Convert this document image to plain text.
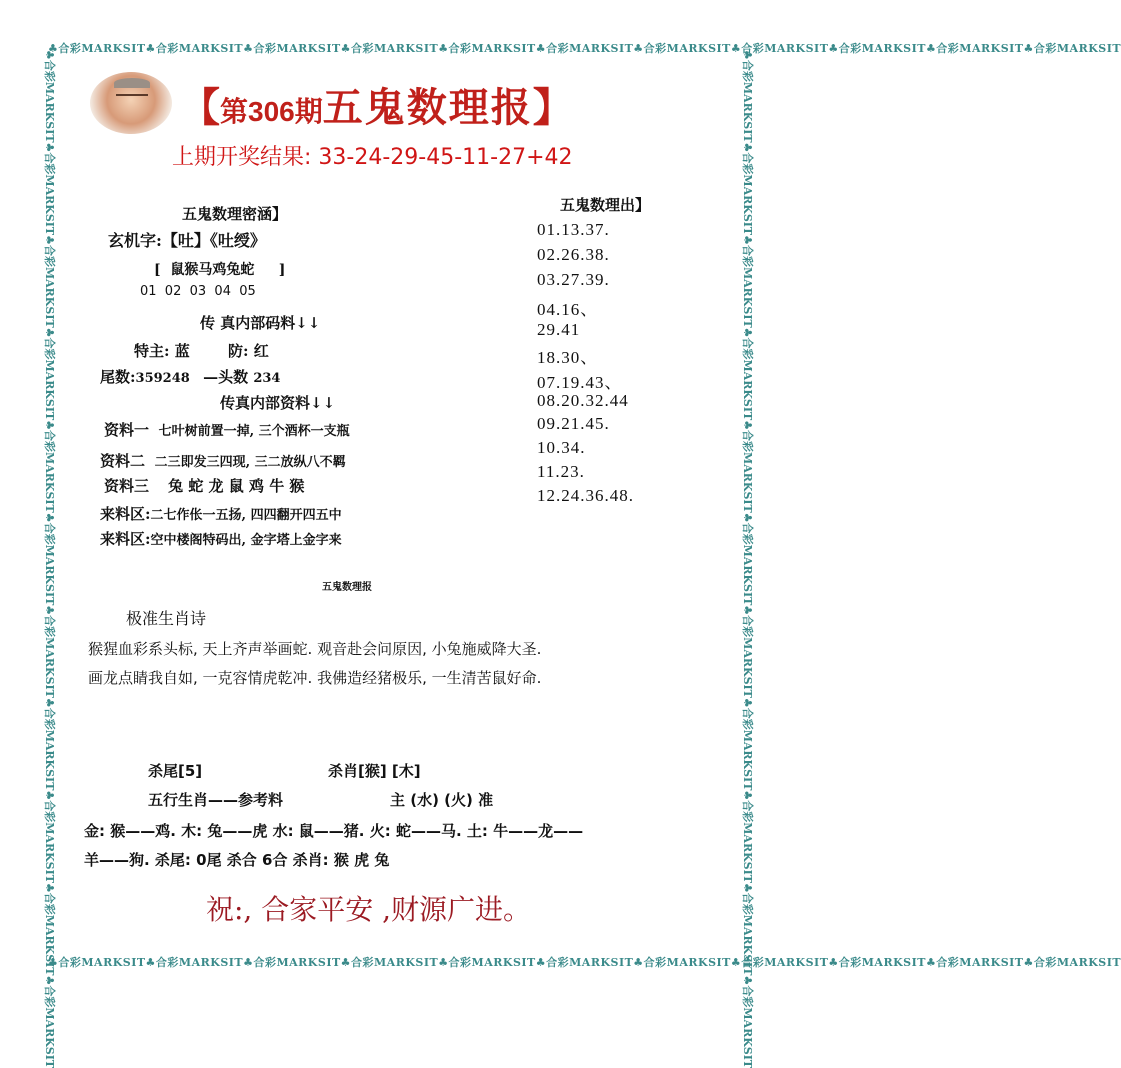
♣合彩MARKSIT♣合彩MARKSIT♣合彩MARKSIT♣合彩MARKSIT♣合彩MARKSIT♣合彩MARKSIT♣合彩MARKSIT♣合彩MARKSIT♣合彩MARKSIT♣合彩MARKSIT♣合彩MARKSIT
♣合彩MARKSIT♣合彩MARKSIT♣合彩MARKSIT♣合彩MARKSIT♣合彩MARKSIT♣合彩MARKSIT♣合彩MARKSIT♣合彩MARKSIT♣合彩MARKSIT♣合彩MARKSIT♣合彩MARKSIT
♣合彩MARKSIT♣合彩MARKSIT♣合彩MARKSIT♣合彩MARKSIT♣合彩MARKSIT♣合彩MARKSIT♣合彩MARKSIT♣合彩MARKSIT♣合彩MARKSIT♣合彩MARKSIT♣合彩MARKSIT	♣合彩MARKSIT♣合彩MARKSIT♣合彩MARKSIT♣合彩MARKSIT♣合彩MARKSIT♣合彩MARKSIT♣合彩MARKSIT♣合彩MARKSIT♣合彩MARKSIT♣合彩MARKSIT♣合彩MARKSIT
【第306期五鬼数理报】
上期开奖结果: 33-24-29-45-11-27+42
五鬼数理密涵】
玄机字:【吐】《吐绶》
[ 鼠猴马鸡兔蛇 ]
01  02  03  04  05
传 真内部码料↓↓
特主: 蓝	防: 红
尾数:359248 —头数 234
传真内部资料↓↓
资料一 七叶树前置一掉, 三个酒杯一支瓶
资料二 二三即发三四现, 三二放纵八不羁
资料三 兔 蛇 龙 鼠 鸡 牛 猴
来料区:二七作伥一五扬, 四四翻开四五中
来料区:空中楼阁特码出, 金字塔上金字来
五鬼数理出】
01.13.37.
02.26.38.
03.27.39.
04.16、
29.41
18.30、
07.19.43、
08.20.32.44
09.21.45.
10.34.
11.23.
12.24.36.48.
五鬼数理报
极准生肖诗
猴猩血彩系头标, 天上齐声举画蛇. 观音赴会问原因, 小兔施威降大圣.
画龙点睛我自如, 一克容情虎乾冲. 我佛造经猪极乐, 一生清苦鼠好命.
杀尾[5]	杀肖[猴] [木]
五行生肖——参考料	主 (水) (火) 准
金: 猴——鸡. 木: 兔——虎 水: 鼠——猪. 火: 蛇——马. 土: 牛——龙——
羊——狗. 杀尾: 0尾 杀合 6合 杀肖: 猴 虎 兔
祝:, 合家平安 ,财源广进。
